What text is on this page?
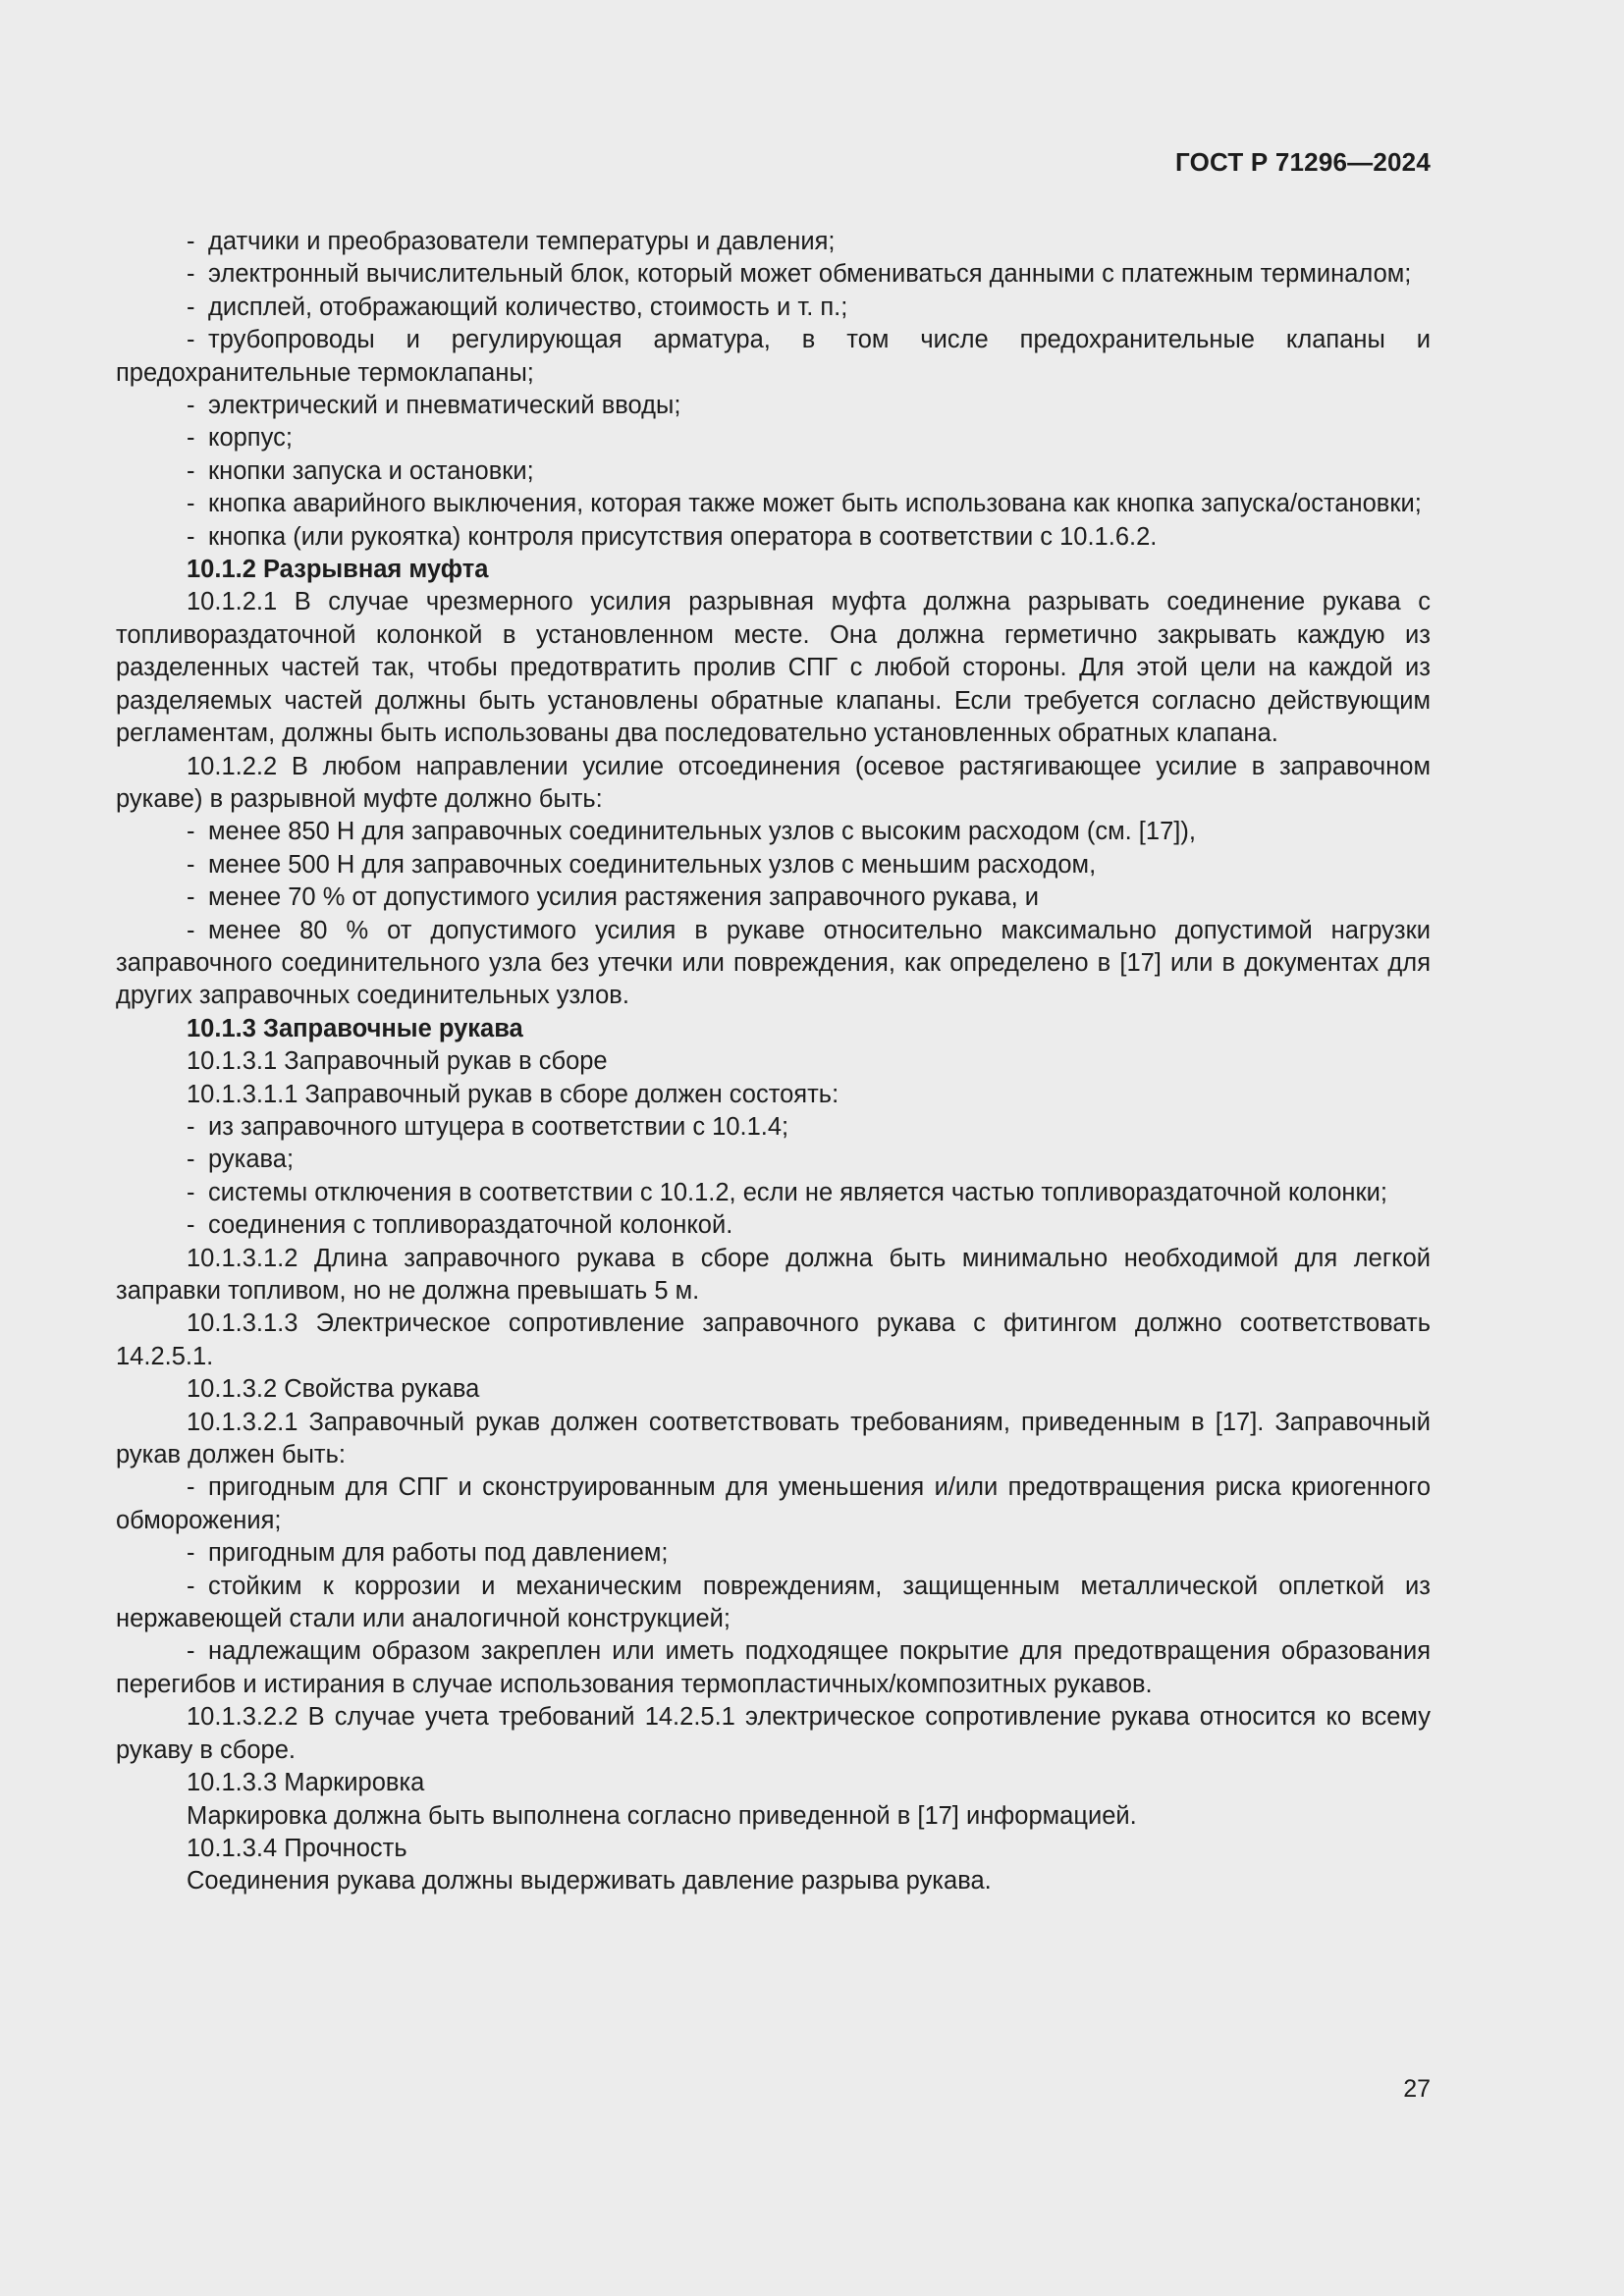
ГОСТ Р 71296—2024

- датчики и преобразователи температуры и давления;

- электронный вычислительный блок, который может обмениваться данными с платежным терминалом;

- дисплей, отображающий количество, стоимость и т. п.;

- трубопроводы и регулирующая арматура, в том числе предохранительные клапаны и предохранительные термоклапаны;

- электрический и пневматический вводы;

- корпус;

- кнопки запуска и остановки;

- кнопка аварийного выключения, которая также может быть использована как кнопка запуска/остановки;

- кнопка (или рукоятка) контроля присутствия оператора в соответствии с 10.1.6.2.

10.1.2 Разрывная муфта

10.1.2.1 В случае чрезмерного усилия разрывная муфта должна разрывать соединение рукава с топливораздаточной колонкой в установленном месте. Она должна герметично закрывать каждую из разделенных частей так, чтобы предотвратить пролив СПГ с любой стороны. Для этой цели на каждой из разделяемых частей должны быть установлены обратные клапаны. Если требуется согласно действующим регламентам, должны быть использованы два последовательно установленных обратных клапана.

10.1.2.2 В любом направлении усилие отсоединения (осевое растягивающее усилие в заправочном рукаве) в разрывной муфте должно быть:

- менее 850 Н для заправочных соединительных узлов с высоким расходом (см. [17]),

- менее 500 Н для заправочных соединительных узлов с меньшим расходом,

- менее 70 % от допустимого усилия растяжения заправочного рукава, и

- менее 80 % от допустимого усилия в рукаве относительно максимально допустимой нагрузки заправочного соединительного узла без утечки или повреждения, как определено в [17] или в документах для других заправочных соединительных узлов.

10.1.3 Заправочные рукава

10.1.3.1 Заправочный рукав в сборе

10.1.3.1.1 Заправочный рукав в сборе должен состоять:

- из заправочного штуцера в соответствии с 10.1.4;

- рукава;

- системы отключения в соответствии с 10.1.2, если не является частью топливораздаточной колонки;

- соединения с топливораздаточной колонкой.

10.1.3.1.2 Длина заправочного рукава в сборе должна быть минимально необходимой для легкой заправки топливом, но не должна превышать 5 м.

10.1.3.1.3 Электрическое сопротивление заправочного рукава с фитингом должно соответствовать 14.2.5.1.

10.1.3.2 Свойства рукава

10.1.3.2.1 Заправочный рукав должен соответствовать требованиям, приведенным в [17]. Заправочный рукав должен быть:

- пригодным для СПГ и сконструированным для уменьшения и/или предотвращения риска криогенного обморожения;

- пригодным для работы под давлением;

- стойким к коррозии и механическим повреждениям, защищенным металлической оплеткой из нержавеющей стали или аналогичной конструкцией;

- надлежащим образом закреплен или иметь подходящее покрытие для предотвращения образования перегибов и истирания в случае использования термопластичных/композитных рукавов.

10.1.3.2.2 В случае учета требований 14.2.5.1 электрическое сопротивление рукава относится ко всему рукаву в сборе.

10.1.3.3 Маркировка

Маркировка должна быть выполнена согласно приведенной в [17] информацией.

10.1.3.4 Прочность

Соединения рукава должны выдерживать давление разрыва рукава.

27
